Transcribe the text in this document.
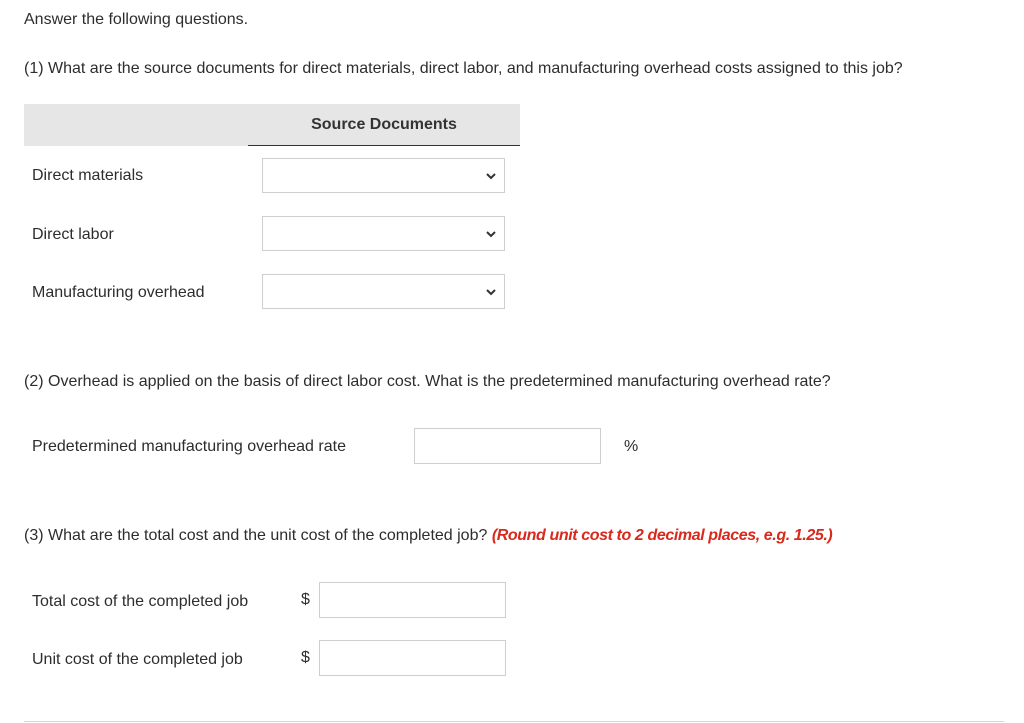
Answer the following questions.
(1) What are the source documents for direct materials, direct labor, and manufacturing overhead costs assigned to this job?
Source Documents
Direct materials
Direct labor
Manufacturing overhead
(2) Overhead is applied on the basis of direct labor cost. What is the predetermined manufacturing overhead rate?
Predetermined manufacturing overhead rate	%
(3) What are the total cost and the unit cost of the completed job? (Round unit cost to 2 decimal places, e.g. 1.25.)
Total cost of the completed job	$
Unit cost of the completed job	$
